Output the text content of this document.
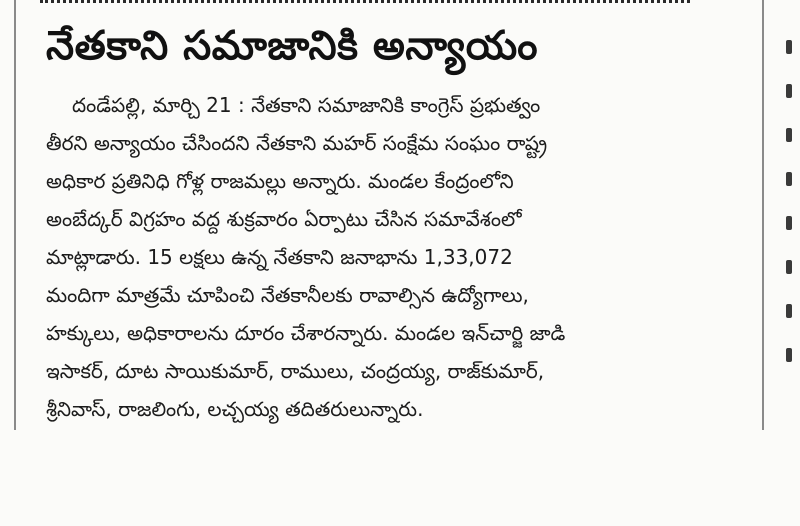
నేతకాని సమాజానికి అన్యాయం
దండేపల్లి, మార్చి 21 : నేతకాని సమాజానికి కాంగ్రెస్ ప్రభుత్వం
తీరని అన్యాయం చేసిందని నేతకాని మహర్ సంక్షేమ సంఘం రాష్ట్ర
అధికార ప్రతినిధి గోళ్ల రాజమల్లు అన్నారు. మండల కేంద్రంలోని
అంబేద్కర్ విగ్రహం వద్ద శుక్రవారం ఏర్పాటు చేసిన సమావేశంలో
మాట్లాడారు. 15 లక్షలు ఉన్న నేతకాని జనాభాను 1,33,072
మందిగా మాత్రమే చూపించి నేతకానీలకు రావాల్సిన ఉద్యోగాలు,
హక్కులు, అధికారాలను దూరం చేశారన్నారు. మండల ఇన్‌చార్జి జాడి
ఇసాకర్, దూట సాయికుమార్, రాములు, చంద్రయ్య, రాజ్‌కుమార్,
శ్రీనివాస్, రాజలింగు, లచ్చయ్య తదితరులున్నారు.
